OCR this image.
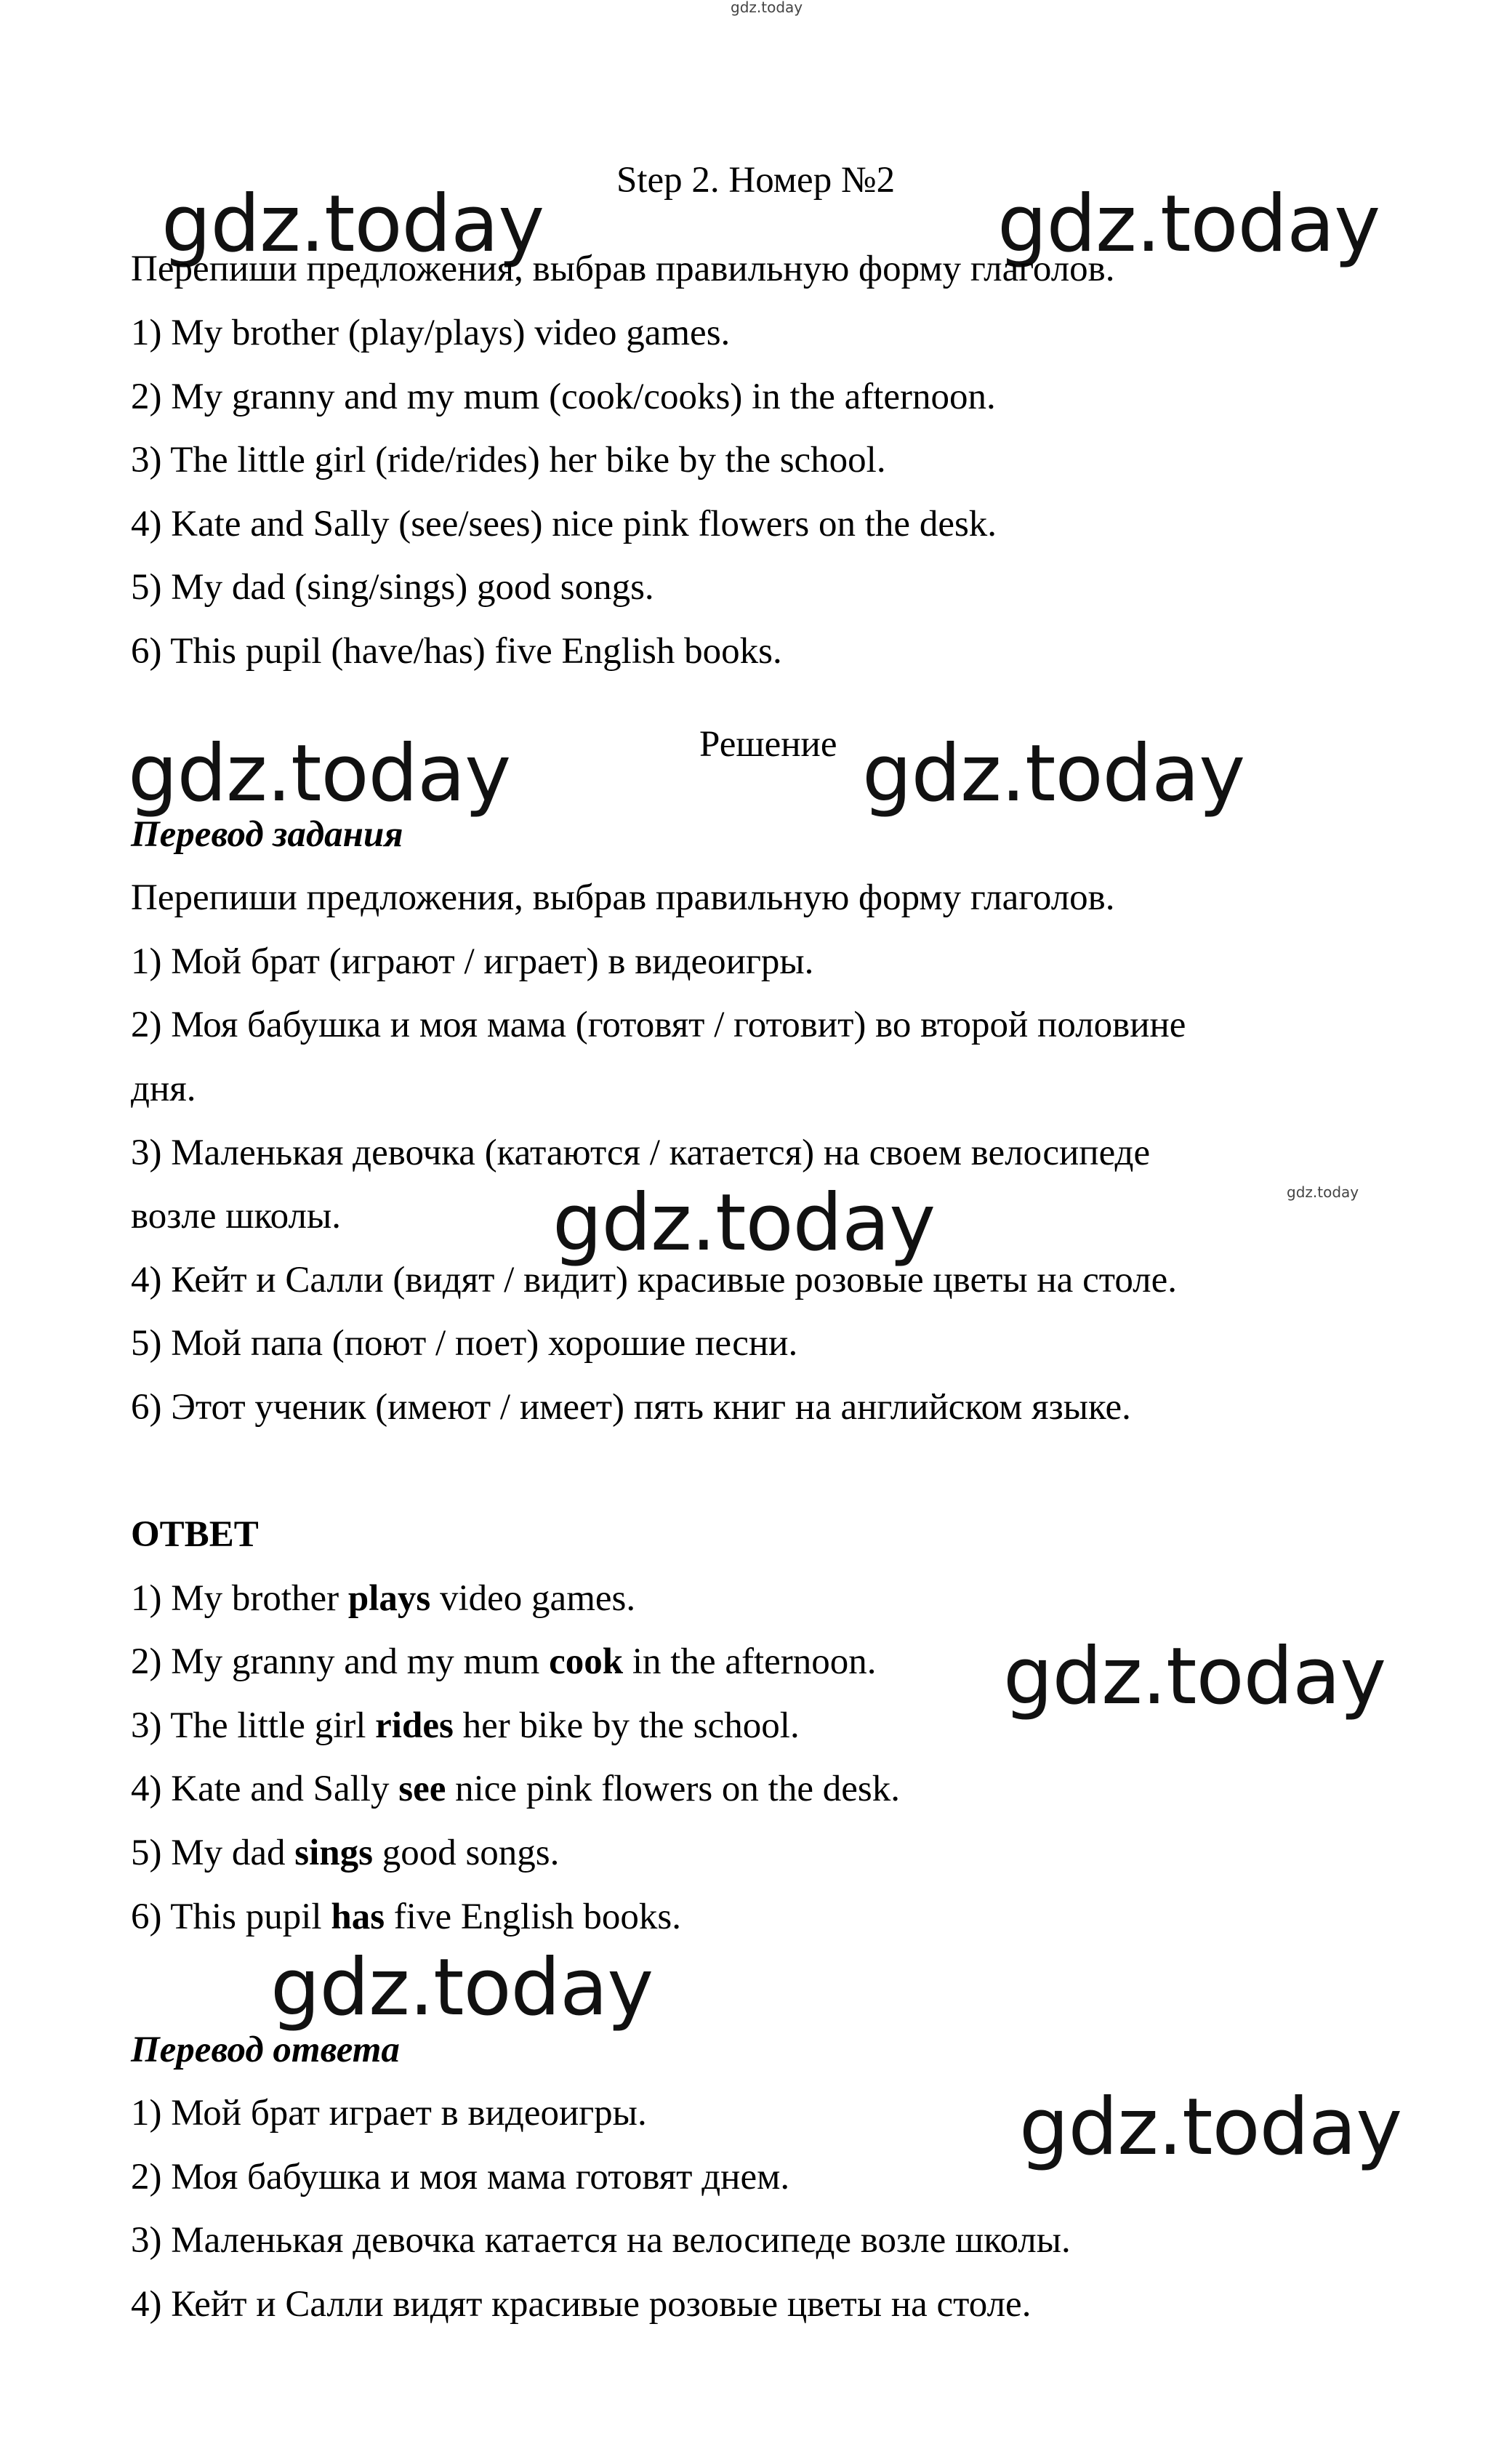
gdz.today
gdz.today	gdz.today
gdz.today	gdz.today
gdz.today	gdz.today
gdz.today
gdz.today
gdz.today
Step 2. Номер №2
Перепиши предложения, выбрав правильную форму глаголов.
1) My brother (play/plays) video games.
2) My granny and my mum (cook/cooks) in the afternoon.
3) The little girl (ride/rides) her bike by the school.
4) Kate and Sally (see/sees) nice pink flowers on the desk.
5) My dad (sing/sings) good songs.
6) This pupil (have/has) five English books.
Решение
Перевод задания
Перепиши предложения, выбрав правильную форму глаголов.
1) Мой брат (играют / играет) в видеоигры.
2) Моя бабушка и моя мама (готовят / готовит) во второй половине
дня.
3) Маленькая девочка (катаются / катается) на своем велосипеде
возле школы.
4) Кейт и Салли (видят / видит) красивые розовые цветы на столе.
5) Мой папа (поют / поет) хорошие песни.
6) Этот ученик (имеют / имеет) пять книг на английском языке.
ОТВЕТ
1) My brother plays video games.
2) My granny and my mum cook in the afternoon.
3) The little girl rides her bike by the school.
4) Kate and Sally see nice pink flowers on the desk.
5) My dad sings good songs.
6) This pupil has five English books.
Перевод ответа
1) Мой брат играет в видеоигры.
2) Моя бабушка и моя мама готовят днем.
3) Маленькая девочка катается на велосипеде возле школы.
4) Кейт и Салли видят красивые розовые цветы на столе.
